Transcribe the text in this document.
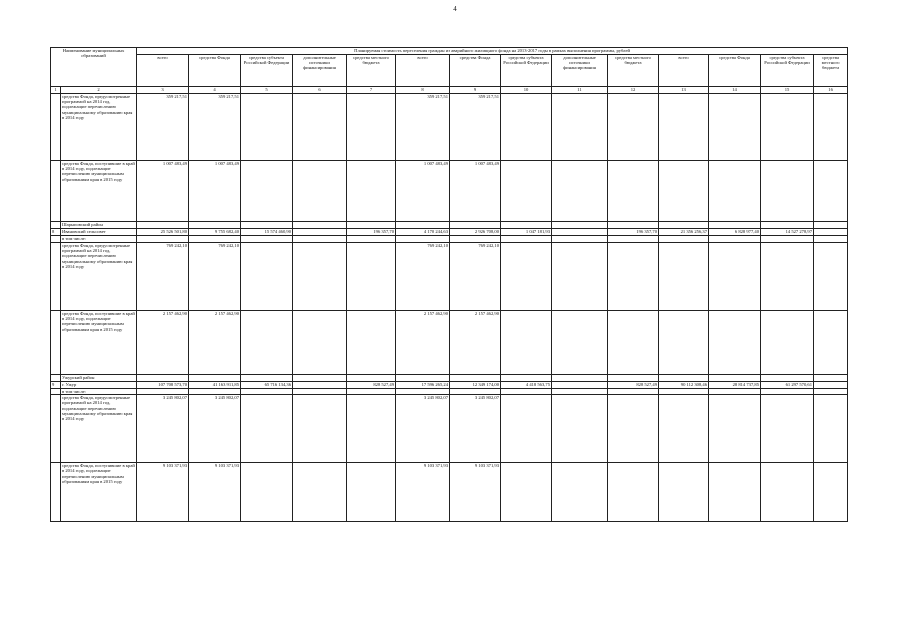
4
Наименование муниципальных образований		Планируемая стоимость переселения граждан из аварийного жилищного фонда на 2013-2017 годы в рамках выполнения программы, рублей													
		всего	средства Фонда	средства субъекта Российской Федерации	дополнительные источники финансирования	средства местного бюджета	всего	средства Фонда	средства субъекта Российской Федерации	дополнительные источники финансирования	средства местного бюджета	всего	средства Фонда	средства субъекта Российской Федерации	средства местного бюджета
1	2	3	4	5	6	7	8	9	10	11	12	13	14	15	16
	средства Фонда, предусмотренные программой на 2014 год, подлежащие перечислению муниципальному образованию края в 2014 году	359 217,51	359 217,51				359 217,51	359 217,51							
	средства Фонда, поступившие в край в 2014 году, подлежащие перечислению муниципальным образованиям края в 2015 году	1 007 483,49	1 007 483,49				1 007 483,49	1 007 483,49							
	Шарыповский район														
8	Ивановский сельсовет	25 526 501,80	9 755 682,40	15 574 460,90		196 357,70	4 170 244,63	2 926 708,00	1 047 181,93		196 357,70	21 356 256,37	6 828 977,40	14 527 278,97	
	в том числе:														
	средства Фонда, предусмотренные программой на 2014 год, подлежащие перечислению муниципальному образованию края в 2014 году	769 242,10	769 242,10				769 242,10	769 242,10							
	средства Фонда, поступившие в край в 2014 году, подлежащие перечислению муниципальным образованиям края в 2015 году	2 157 462,90	2 157 462,90				2 157 462,90	2 157 462,90							
	Ужурский район														
9	г. Ужур	107 708 573,70	41 163 911,85	65 716 134,36		828 527,49	17 596 265,24	12 349 174,00	4 418 563,75		828 527,49	90 112 308,46	28 814 737,85	61 297 570,61	
	в том числе:														
	средства Фонда, предусмотренные программой на 2014 год, подлежащие перечислению муниципальному образованию края в 2014 году	3 245 802,07	3 245 802,07				3 245 802,07	3 245 802,07							
	средства Фонда, поступившие в край в 2014 году, подлежащие перечислению муниципальным образованиям края в 2015 году	9 103 371,93	9 103 371,93				9 103 371,93	9 103 371,93							
